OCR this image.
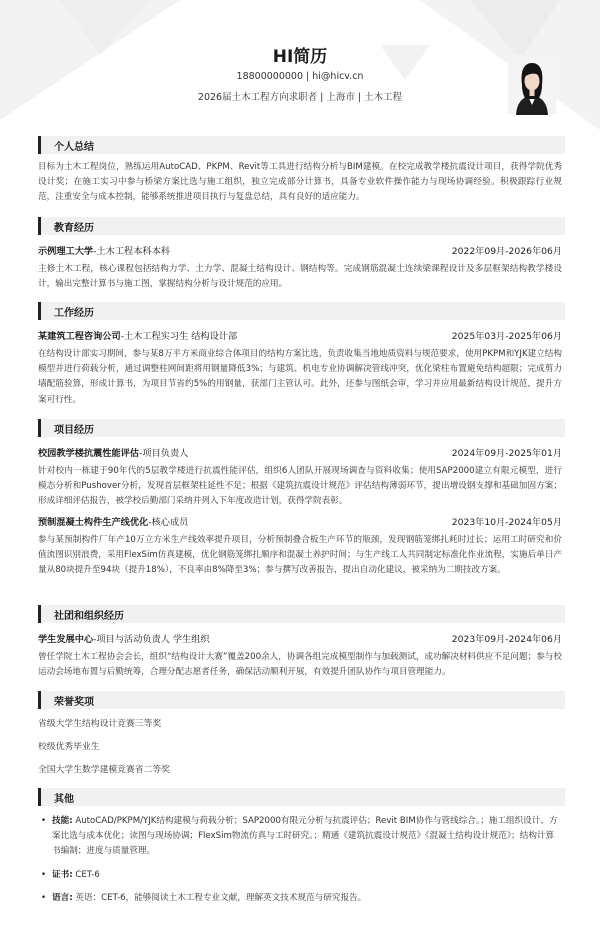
HI简历
18800000000 | hi@hicv.cn
2026届土木工程方向求职者 | 上海市 | 土木工程
个人总结
目标为土木工程岗位，熟练运用AutoCAD、PKPM、Revit等工具进行结构分析与BIM建模。在校完成教学楼抗震设计项目，获得学院优秀设计奖；在施工实习中参与桥梁方案比选与施工组织，独立完成部分计算书，具备专业软件操作能力与现场协调经验。积极跟踪行业规范，注重安全与成本控制，能够系统推进项目执行与复盘总结，具有良好的适应能力。
教育经历
示例理工大学-土木工程本科本科	2022年09月-2026年06月
主修土木工程，核心课程包括结构力学、土力学、混凝土结构设计、钢结构等。完成钢筋混凝土连续梁课程设计及多层框架结构教学楼设计，输出完整计算书与施工图，掌握结构分析与设计规范的应用。
工作经历
某建筑工程咨询公司-土木工程实习生 结构设计部	2025年03月-2025年06月
在结构设计部实习期间，参与某8万平方米商业综合体项目的结构方案比选，负责收集当地地质资料与规范要求，使用PKPM和YJK建立结构模型并进行荷载分析，通过调整柱网间距将用钢量降低3%；与建筑、机电专业协调解决管线冲突，优化梁柱布置避免结构超限；完成剪力墙配筋验算，形成计算书，为项目节省约5%的用钢量，获部门主管认可。此外，还参与图纸会审，学习并应用最新结构设计规范，提升方案可行性。
项目经历
校园教学楼抗震性能评估-项目负责人	2024年09月-2025年01月
针对校内一栋建于90年代的5层教学楼进行抗震性能评估，组织6人团队开展现场调查与资料收集；使用SAP2000建立有限元模型，进行模态分析和Pushover分析，发现首层框架柱延性不足；根据《建筑抗震设计规范》评估结构薄弱环节，提出增设钢支撑和基础加固方案；形成详细评估报告，被学校后勤部门采纳并列入下年度改造计划，获得学院表彰。
预制混凝土构件生产线优化-核心成员	2023年10月-2024年05月
参与某预制构件厂年产10万立方米生产线效率提升项目，分析预制叠合板生产环节的瓶颈，发现钢筋笼绑扎耗时过长；运用工时研究和价值流图识别浪费，采用FlexSim仿真建模，优化钢筋笼绑扎顺序和混凝土养护时间；与生产线工人共同制定标准化作业流程，实施后单日产量从80块提升至94块（提升18%），不良率由8%降至3%；参与撰写改善报告，提出自动化建议，被采纳为二期技改方案。
社团和组织经历
学生发展中心-项目与活动负责人 学生组织	2023年09月-2024年06月
曾任学院土木工程协会会长，组织“结构设计大赛”覆盖200余人，协调各组完成模型制作与加载测试，成功解决材料供应不足问题；参与校运动会场地布置与后勤统筹，合理分配志愿者任务，确保活动顺利开展，有效提升团队协作与项目管理能力。
荣誉奖项
省级大学生结构设计竞赛三等奖
校级优秀毕业生
全国大学生数学建模竞赛省二等奖
其他
• 技能: AutoCAD/PKPM/YJK结构建模与荷载分析；SAP2000有限元分析与抗震评估；Revit BIM协作与管线综合。；施工组织设计、方案比选与成本优化；读图与现场协调；FlexSim物流仿真与工时研究。；精通《建筑抗震设计规范》《混凝土结构设计规范》；结构计算书编制；进度与质量管理。
• 证书: CET-6
• 语言: 英语：CET-6，能够阅读土木工程专业文献，理解英文技术规范与研究报告。
